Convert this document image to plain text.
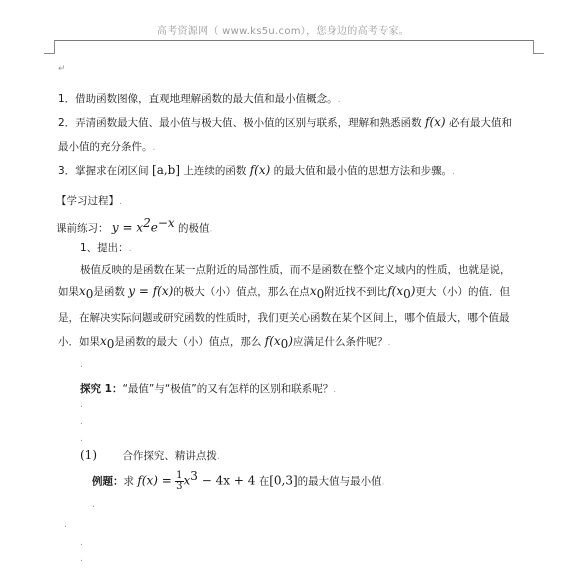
高考资源网（ www.ks5u.com），您身边的高考专家。
↵
1．借助函数图像，直观地理解函数的最大值和最小值概念。.
2．弄清函数最大值、最小值与极大值、极小值的区别与联系，理解和熟悉函数 f(x) 必有最大值和
最小值的充分条件。.
3．掌握求在闭区间 [a,b] 上连续的函数 f(x) 的最大值和最小值的思想方法和步骤。.
【学习过程】.
课前练习： $y = x^2e^{-x}$ 的极值.
1、提出：.
极值反映的是函数在某一点附近的局部性质，而不是函数在整个定义域内的性质，也就是说，
如果$x_0$是函数 y = f(x)的极大（小）值点，那么在点$x_0$附近找不到比$f(x_0)$更大（小）的值．但
是，在解决实际问题或研究函数的性质时，我们更关心函数在某个区间上，哪个值最大，哪个值最
小．如果$x_0$是函数的最大（小）值点，那么 $f(x_0)$应满足什么条件呢？.
.
探究 1：“最值”与“极值”的又有怎样的区别和联系呢？.
.
.
.
(1) 合作探究、精讲点拨.
例题：求 $f(x) = \frac{1}{3} x^3 - 4x + 4$ 在[0,3]的最大值与最小值.
.
.
.
.
